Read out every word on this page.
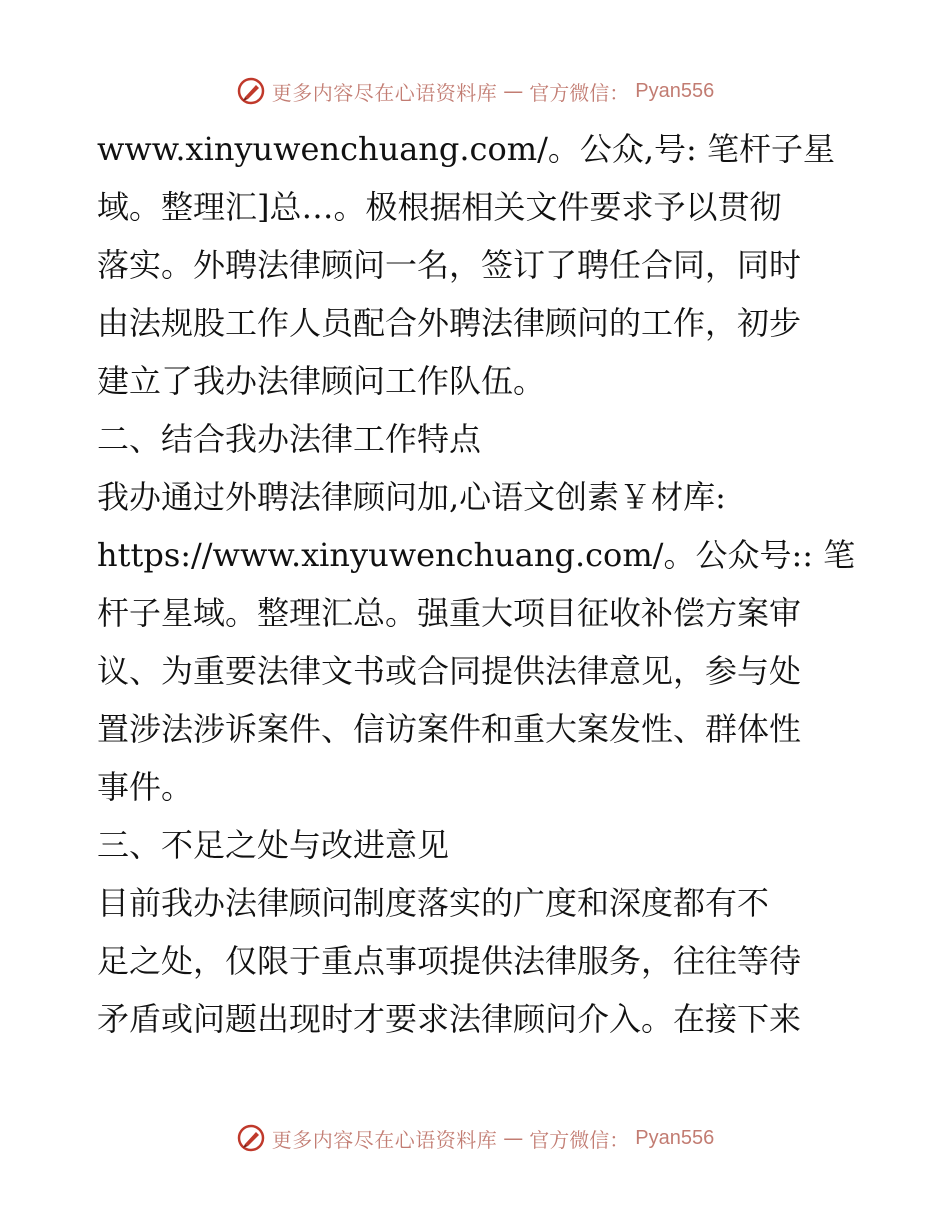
更多内容尽在心语资料库 — 官方微信： Pyan556
www.xinyuwenchuang.com/。公众,号: 笔杆子星
域。整理汇]总…。极根据相关文件要求予以贯彻
落实。外聘法律顾问一名，签订了聘任合同，同时
由法规股工作人员配合外聘法律顾问的工作，初步
建立了我办法律顾问工作队伍。
二、结合我办法律工作特点
我办通过外聘法律顾问加,心语文创素￥材库:
https://www.xinyuwenchuang.com/。公众号:: 笔
杆子星域。整理汇总。强重大项目征收补偿方案审
议、为重要法律文书或合同提供法律意见，参与处
置涉法涉诉案件、信访案件和重大案发性、群体性
事件。
三、不足之处与改进意见
目前我办法律顾问制度落实的广度和深度都有不
足之处，仅限于重点事项提供法律服务，往往等待
矛盾或问题出现时才要求法律顾问介入。在接下来
更多内容尽在心语资料库 — 官方微信： Pyan556
